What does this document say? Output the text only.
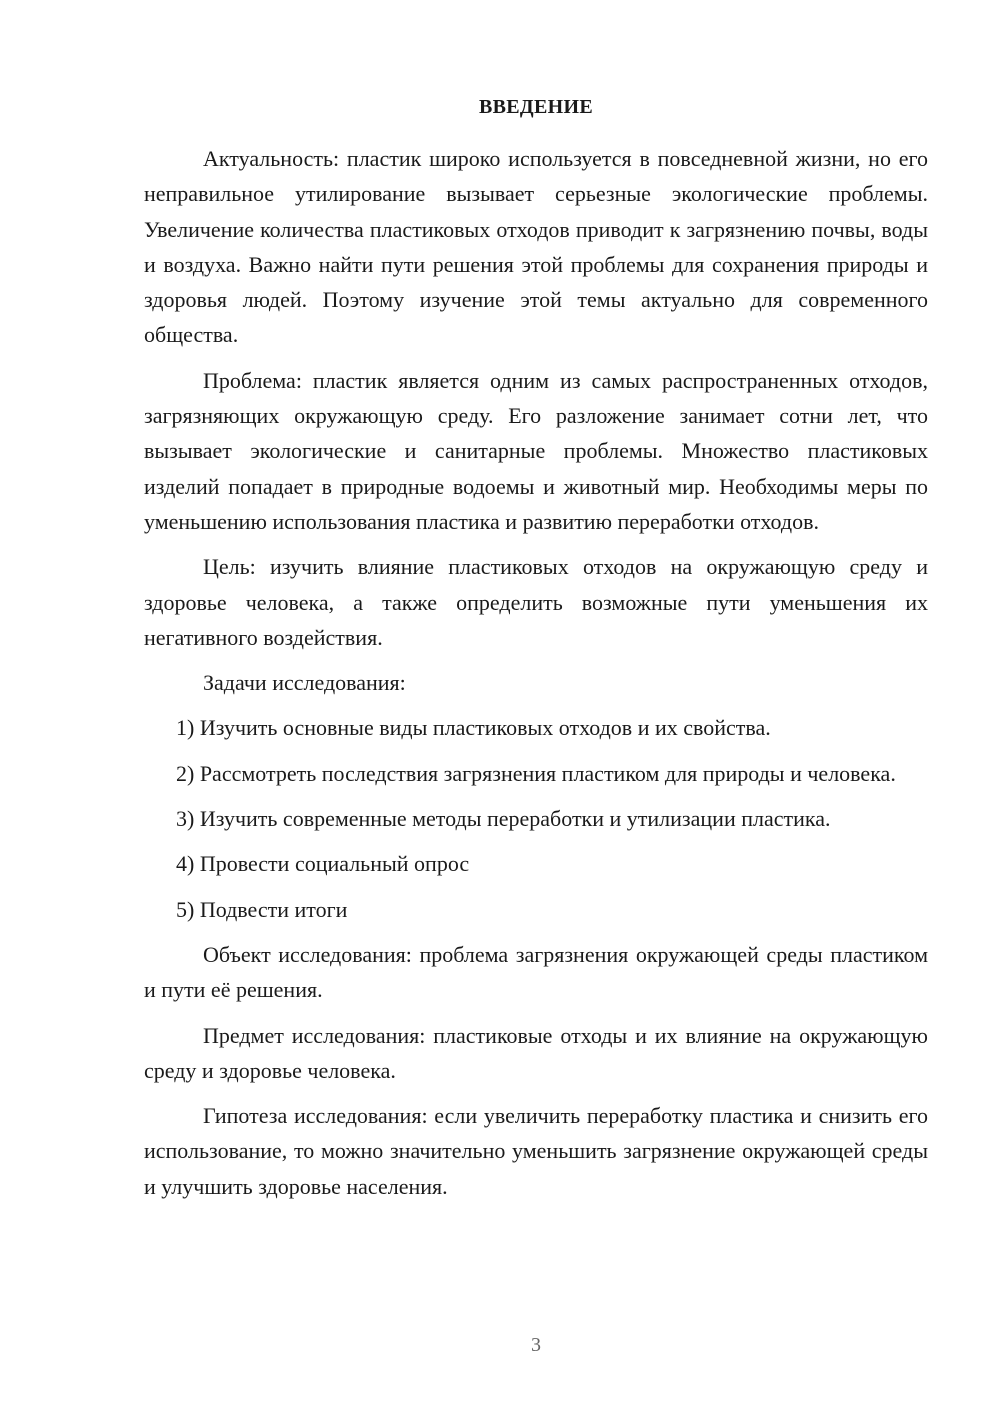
ВВЕДЕНИЕ

Актуальность: пластик широко используется в повседневной жизни, но его неправильное утилирование вызывает серьезные экологические проблемы. Увеличение количества пластиковых отходов приводит к загрязнению почвы, воды и воздуха. Важно найти пути решения этой проблемы для сохранения природы и здоровья людей. Поэтому изучение этой темы актуально для современного общества.

Проблема: пластик является одним из самых распространенных отходов, загрязняющих окружающую среду. Его разложение занимает сотни лет, что вызывает экологические и санитарные проблемы. Множество пластиковых изделий попадает в природные водоемы и животный мир. Необходимы меры по уменьшению использования пластика и развитию переработки отходов.

Цель: изучить влияние пластиковых отходов на окружающую среду и здоровье человека, а также определить возможные пути уменьшения их негативного воздействия.

Задачи исследования:

1) Изучить основные виды пластиковых отходов и их свойства.

2) Рассмотреть последствия загрязнения пластиком для природы и человека.

3) Изучить современные методы переработки и утилизации пластика.

4) Провести социальный опрос

5) Подвести итоги

Объект исследования: проблема загрязнения окружающей среды пластиком и пути её решения.

Предмет исследования: пластиковые отходы и их влияние на окружающую среду и здоровье человека.

Гипотеза исследования: если увеличить переработку пластика и снизить его использование, то можно значительно уменьшить загрязнение окружающей среды и улучшить здоровье населения.

3
